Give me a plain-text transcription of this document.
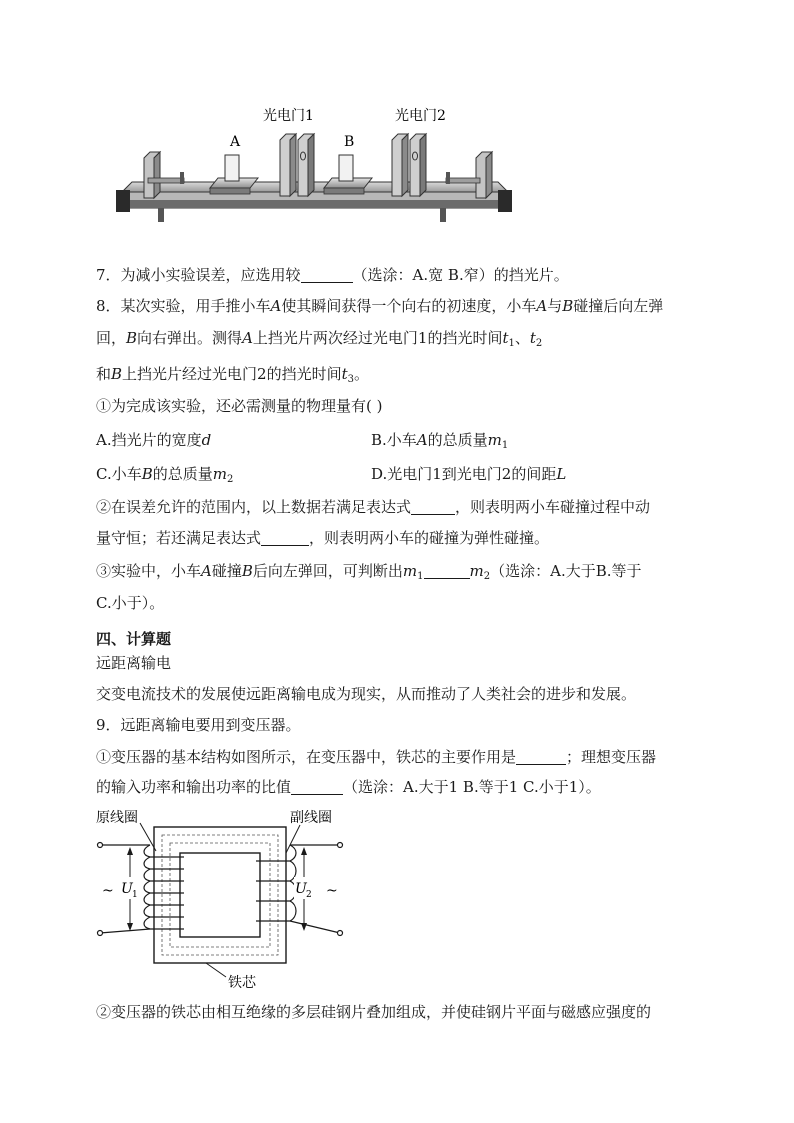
光电门1	光电门2
A	B
7．为减小实验误差，应选用较	（选涂：A.宽 B.窄）的挡光片。
8．某次实验，用手推小车A使其瞬间获得一个向右的初速度，小车A与B碰撞后向左弹
回，B向右弹出。测得A上挡光片两次经过光电门1的挡光时间$t_1$、$t_2$
和B上挡光片经过光电门2的挡光时间$t_3$。
①为完成该实验，还必需测量的物理量有( )
A.挡光片的宽度d	B.小车A的总质量$m_1$
C.小车B的总质量$m_2$	D.光电门1到光电门2的间距L
②在误差允许的范围内，以上数据若满足表达式	，则表明两小车碰撞过程中动
量守恒；若还满足表达式	，则表明两小车的碰撞为弹性碰撞。
③实验中，小车A碰撞B后向左弹回，可判断出$m_1$	$m_2$（选涂：A.大于B.等于
C.小于）。
四、计算题
远距离输电
交变电流技术的发展使远距离输电成为现实，从而推动了人类社会的进步和发展。
9．远距离输电要用到变压器。
①变压器的基本结构如图所示，在变压器中，铁芯的主要作用是	；理想变压器
的输入功率和输出功率的比值	（选涂：A.大于1 B.等于1 C.小于1）。
原线圈	副线圈
U 1
~	U 2 ~
铁芯
②变压器的铁芯由相互绝缘的多层硅钢片叠加组成，并使硅钢片平面与磁感应强度的
